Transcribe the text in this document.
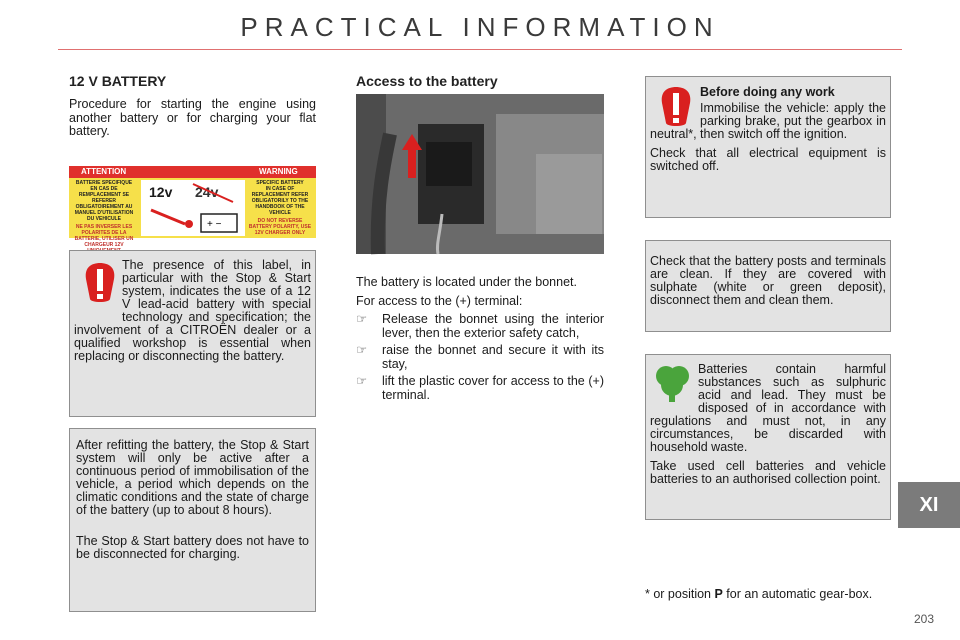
PRACTICAL INFORMATION
12 V BATTERY
Procedure for starting the engine using another battery or for charging your flat battery.
ATTENTION	WARNING
BATTERIE SPECIFIQUE
EN CAS DE REMPLACEMENT SE REFERER OBLIGATOIREMENT AU MANUEL D'UTILISATION DU VEHICULE
NE PAS INVERSER LES POLARITES DE LA BATTERIE, UTILISER UN CHARGEUR 12V
SPECIFIC BATTERY
IN CASE OF REPLACEMENT REFER OBLIGATORILY TO THE HANDBOOK OF THE VEHICLE
DO NOT REVERSE BATTERY POLARITY, USE 12V CHARGER ONLY
12v 24v
+ −
The presence of this label, in particular with the Stop & Start system, indicates the use of a 12 V lead-acid battery with special technology and specification; the involvement of a CITROËN dealer or a qualified workshop is essential when replacing or disconnecting the battery.

After refitting the battery, the Stop & Start system will only be active after a continuous period of immobilisation of the vehicle, a period which depends on the climatic conditions and the state of charge of the battery (up to about 8 hours).

The Stop & Start battery does not have to be disconnected for charging.

Access to the battery
The battery is located under the bonnet.
For access to the (+) terminal:
☞	Release the bonnet using the interior lever, then the exterior safety catch,
☞	raise the bonnet and secure it with its stay,
☞	lift the plastic cover for access to the (+) terminal.
Before doing any work

Immobilise the vehicle: apply the parking brake, put the gearbox in neutral*, then switch off the ignition.

Check that all electrical equipment is switched off.

Check that the battery posts and terminals are clean. If they are covered with sulphate (white or green deposit), disconnect them and clean them.

Batteries contain harmful substances such as sulphuric acid and lead. They must be disposed of in accordance with regulations and must not, in any circumstances, be discarded with household waste.

Take used cell batteries and vehicle batteries to an authorised collection point.

* or position P for an automatic gear-box.
XI
203
